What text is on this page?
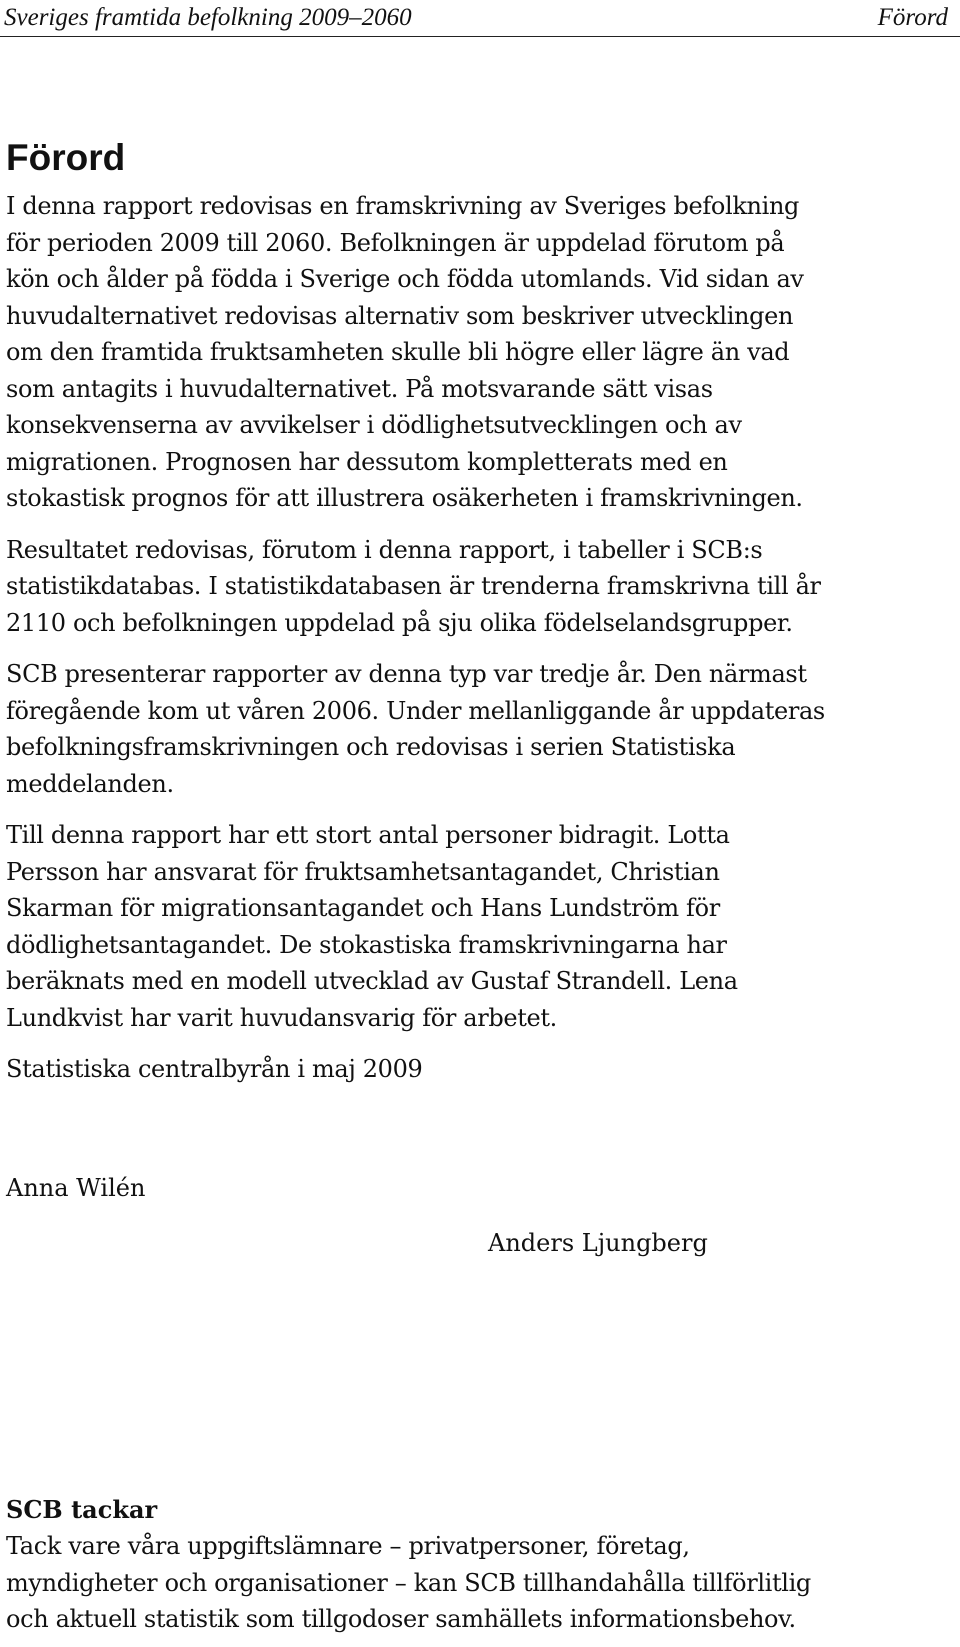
Sveriges framtida befolkning 2009–2060	Förord
Förord

I denna rapport redovisas en framskrivning av Sveriges befolkning
för perioden 2009 till 2060. Befolkningen är uppdelad förutom på
kön och ålder på födda i Sverige och födda utomlands. Vid sidan av
huvudalternativet redovisas alternativ som beskriver utvecklingen
om den framtida fruktsamheten skulle bli högre eller lägre än vad
som antagits i huvudalternativet. På motsvarande sätt visas
konsekvenserna av avvikelser i dödlighetsutvecklingen och av
migrationen. Prognosen har dessutom kompletterats med en
stokastisk prognos för att illustrera osäkerheten i framskrivningen.

Resultatet redovisas, förutom i denna rapport, i tabeller i SCB:s
statistikdatabas. I statistikdatabasen är trenderna framskrivna till år
2110 och befolkningen uppdelad på sju olika födelselandsgrupper.

SCB presenterar rapporter av denna typ var tredje år. Den närmast
föregående kom ut våren 2006. Under mellanliggande år uppdateras
befolkningsframskrivningen och redovisas i serien Statistiska
meddelanden.

Till denna rapport har ett stort antal personer bidragit. Lotta
Persson har ansvarat för fruktsamhetsantagandet, Christian
Skarman för migrationsantagandet och Hans Lundström för
dödlighetsantagandet. De stokastiska framskrivningarna har
beräknats med en modell utvecklad av Gustaf Strandell. Lena
Lundkvist har varit huvudansvarig för arbetet.

Statistiska centralbyrån i maj 2009

Anna Wilén
Anders Ljungberg
SCB tackar

Tack vare våra uppgiftslämnare – privatpersoner, företag,
myndigheter och organisationer – kan SCB tillhandahålla tillförlitlig
och aktuell statistik som tillgodoser samhällets informationsbehov.
